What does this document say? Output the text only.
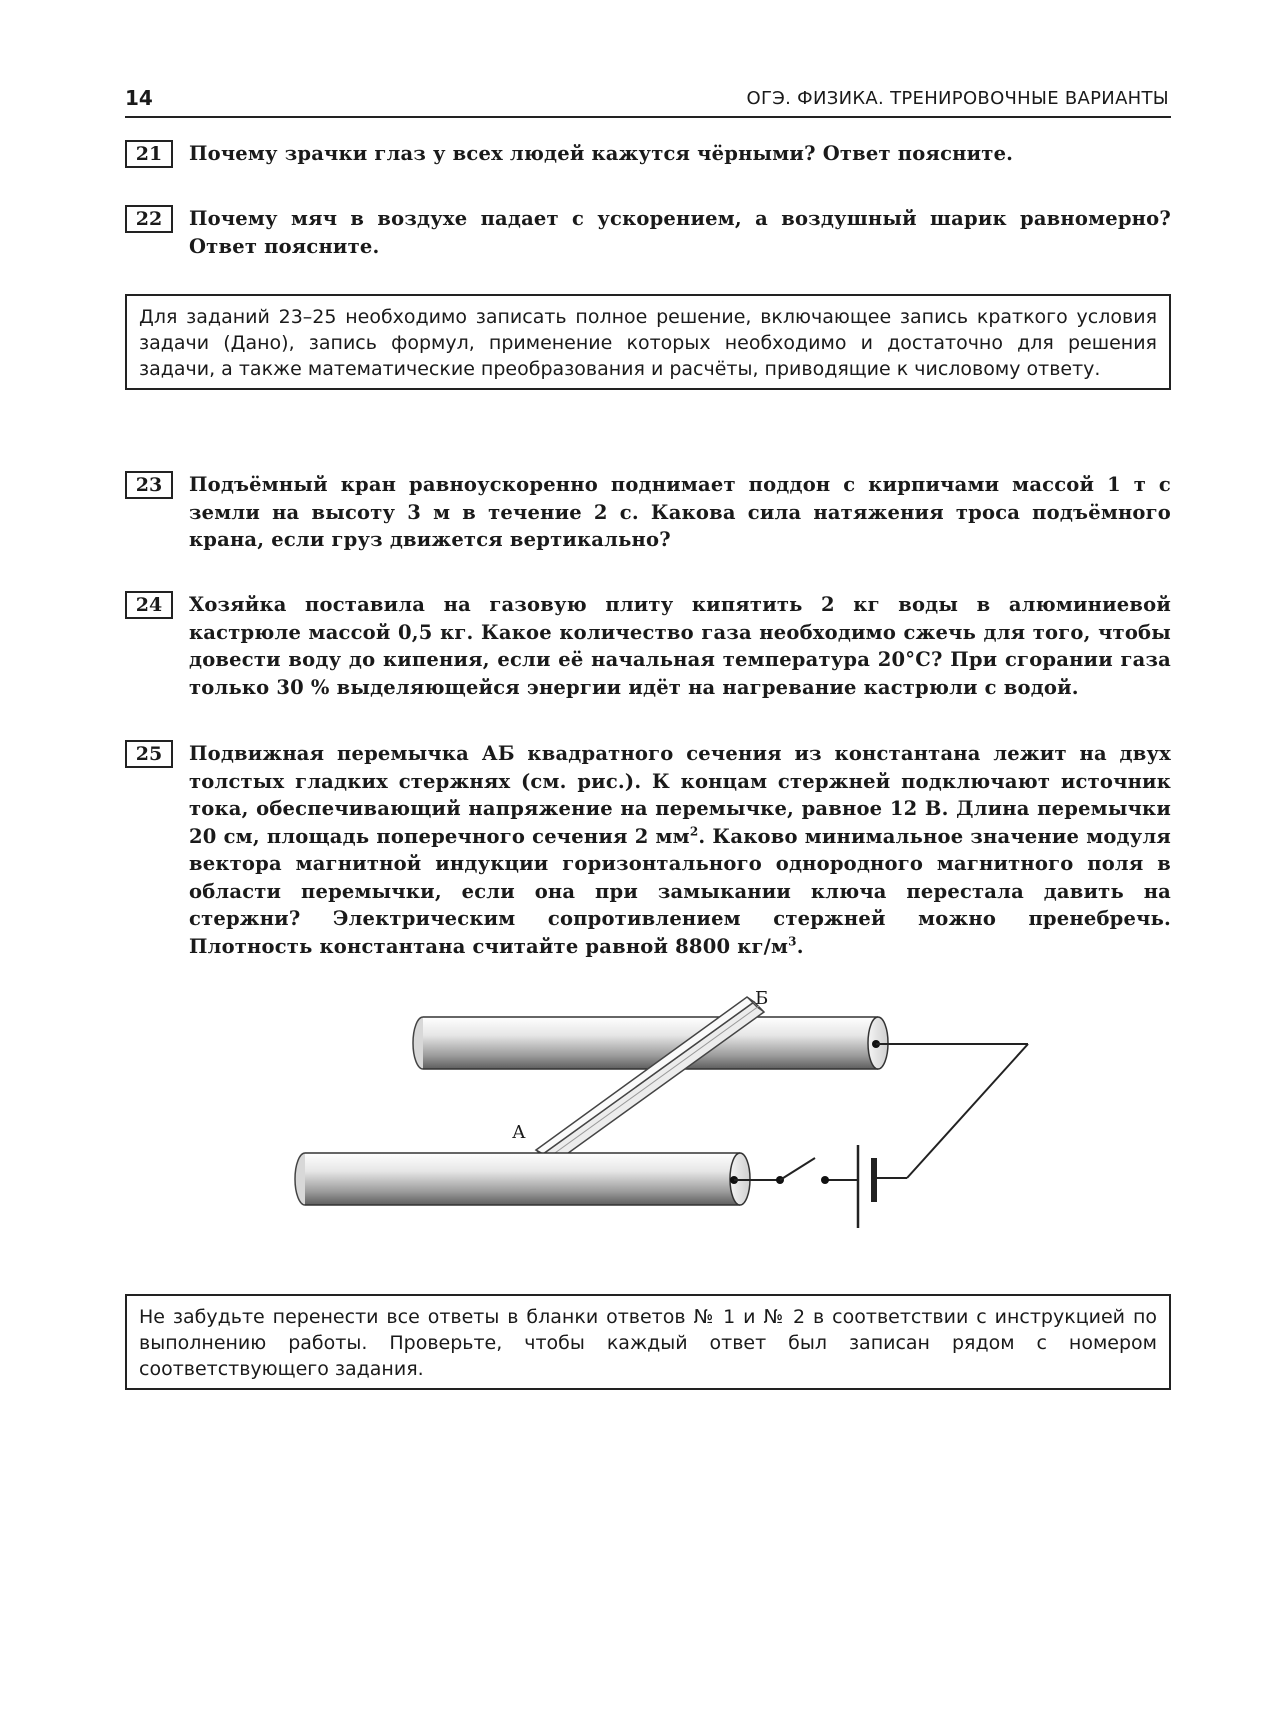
14	ОГЭ. ФИЗИКА. ТРЕНИРОВОЧНЫЕ ВАРИАНТЫ
21	Почему зрачки глаз у всех людей кажутся чёрными? Ответ поясните.
22	Почему мяч в воздухе падает с ускорением, а воздушный шарик равномерно? Ответ поясните.
Для заданий 23–25 необходимо записать полное решение, включающее запись краткого условия задачи (Дано), запись формул, применение которых необходимо и достаточно для решения задачи, а также математические преобразования и расчёты, приводящие к числовому ответу.
23	Подъёмный кран равноускоренно поднимает поддон с кирпичами массой 1 т с земли на высоту 3 м в течение 2 с. Какова сила натяжения троса подъёмного крана, если груз движется вертикально?
24	Хозяйка поставила на газовую плиту кипятить 2 кг воды в алюминиевой кастрюле массой 0,5 кг. Какое количество газа необходимо сжечь для того, чтобы довести воду до кипения, если её начальная температура 20°С? При сгорании газа только 30 % выделяющейся энергии идёт на нагревание кастрюли с водой.
25	Подвижная перемычка АБ квадратного сечения из константана лежит на двух толстых гладких стержнях (см. рис.). К концам стержней подключают источник тока, обеспечивающий напряжение на перемычке, равное 12 В. Длина перемычки 20 см, площадь поперечного сечения 2 $мм^2$. Каково минимальное значение модуля вектора магнитной индукции горизонтального однородного магнитного поля в области перемычки, если она при замыкании ключа перестала давить на стержни? Электрическим сопротивлением стержней можно пренебречь. Плотность константана считайте равной 8800 $кг/м^3$.
А
Б
Не забудьте перенести все ответы в бланки ответов № 1 и № 2 в соответствии с инструкцией по выполнению работы. Проверьте, чтобы каждый ответ был записан рядом с номером соответствующего задания.
